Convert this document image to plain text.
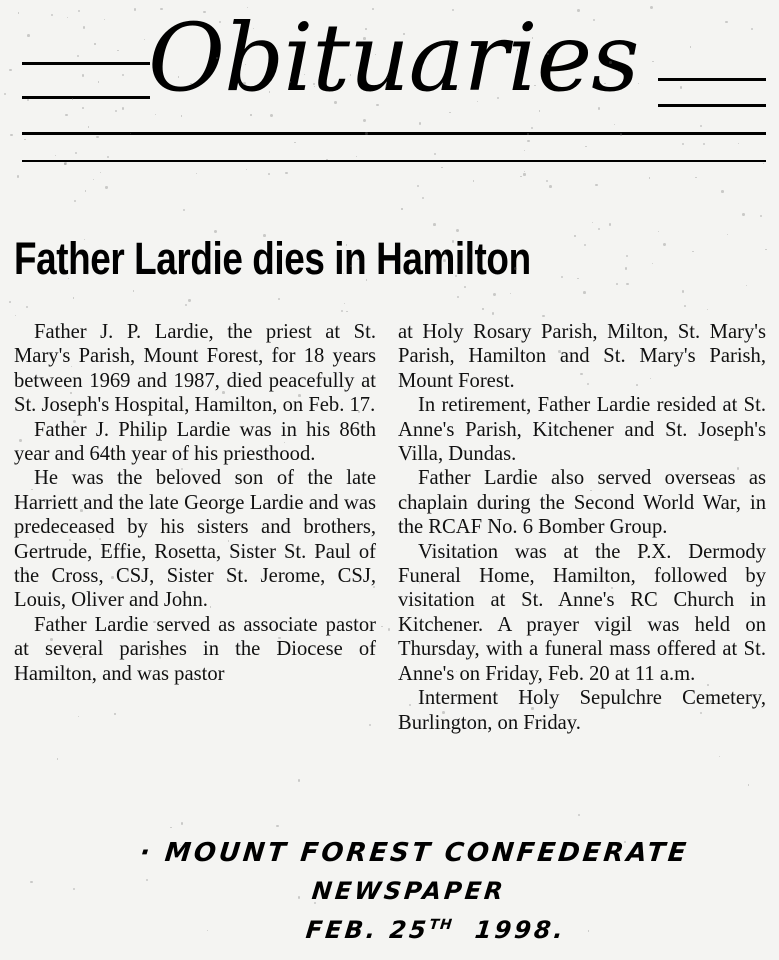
Obituaries
Father Lardie dies in Hamilton

Father J. P. Lardie, the priest at St. Mary's Parish, Mount Forest, for 18 years between 1969 and 1987, died peacefully at St. Joseph's Hospital, Hamilton, on Feb. 17.

Father J. Philip Lardie was in his 86th year and 64th year of his priesthood.

He was the beloved son of the late Harriett and the late George Lardie and was predeceased by his sisters and brothers, Gertrude, Effie, Rosetta, Sister St. Paul of the Cross, CSJ, Sister St. Jerome, CSJ, Louis, Oliver and John.

Father Lardie served as associate pastor at several parishes in the Diocese of Hamilton, and was pastor

at Holy Rosary Parish, Milton, St. Mary's Parish, Hamilton and St. Mary's Parish, Mount Forest.

In retirement, Father Lardie resided at St. Anne's Parish, Kitchener and St. Joseph's Villa, Dundas.

Father Lardie also served overseas as chaplain during the Second World War, in the RCAF No. 6 Bomber Group.

Visitation was at the P.X. Dermody Funeral Home, Hamilton, followed by visitation at St. Anne's RC Church in Kitchener. A prayer vigil was held on Thursday, with a funeral mass offered at St. Anne's on Friday, Feb. 20 at 11 a.m.

Interment Holy Sepulchre Cemetery, Burlington, on Friday.

· MOUNT FOREST CONFEDERATE
NEWSPAPER
FEB. 25TH 1998.
